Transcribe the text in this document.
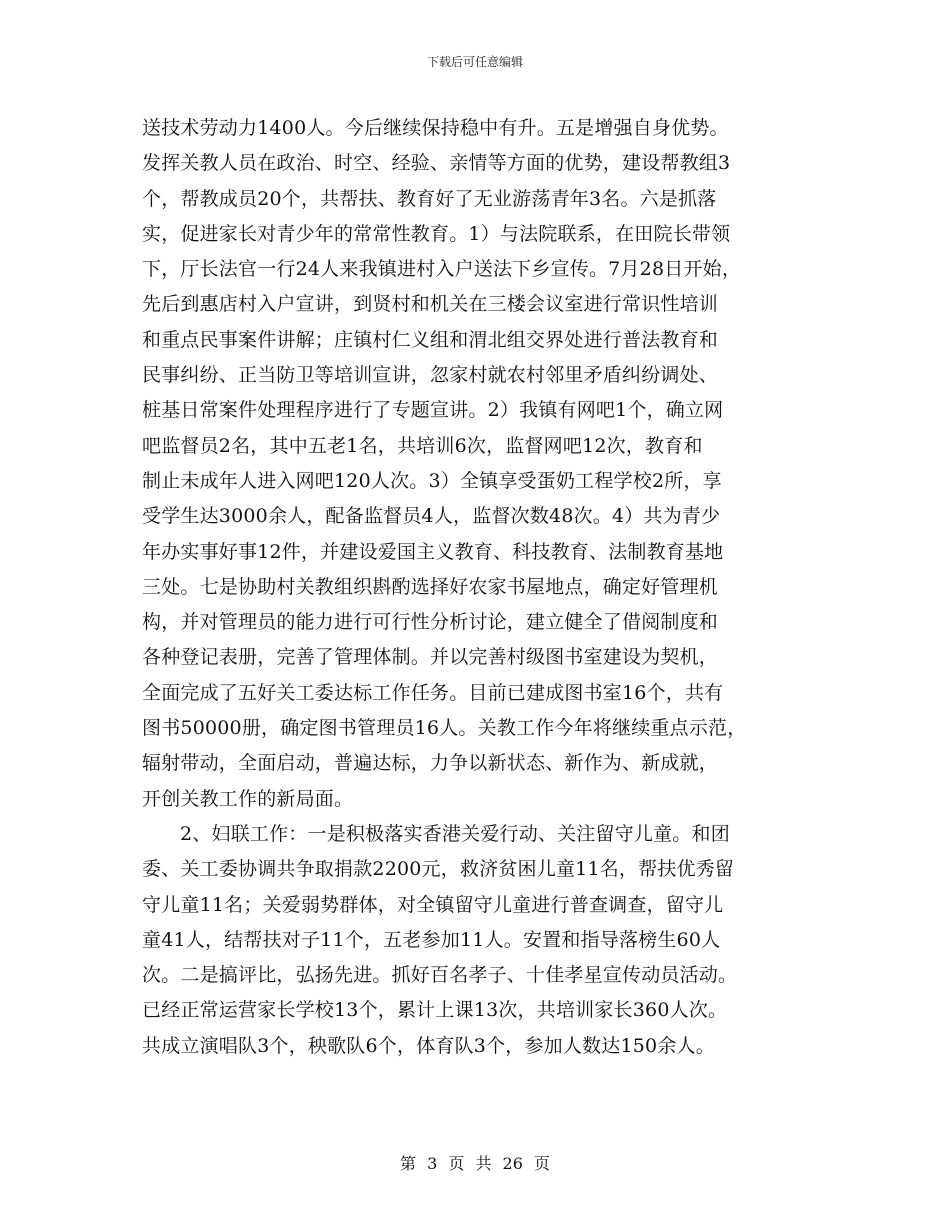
下载后可任意编辑
送技术劳动力1400人。今后继续保持稳中有升。五是增强自身优势。
发挥关教人员在政治、时空、经验、亲情等方面的优势，建设帮教组3
个，帮教成员20个，共帮扶、教育好了无业游荡青年3名。六是抓落
实，促进家长对青少年的常常性教育。1）与法院联系，在田院长带领
下，厅长法官一行24人来我镇进村入户送法下乡宣传。7月28日开始，
先后到惠店村入户宣讲，到贤村和机关在三楼会议室进行常识性培训
和重点民事案件讲解；庄镇村仁义组和渭北组交界处进行普法教育和
民事纠纷、正当防卫等培训宣讲，忽家村就农村邻里矛盾纠纷调处、
桩基日常案件处理程序进行了专题宣讲。2）我镇有网吧1个，确立网
吧监督员2名，其中五老1名，共培训6次，监督网吧12次，教育和
制止未成年人进入网吧120人次。3）全镇享受蛋奶工程学校2所，享
受学生达3000余人，配备监督员4人，监督次数48次。4）共为青少
年办实事好事12件，并建设爱国主义教育、科技教育、法制教育基地
三处。七是协助村关教组织斟酌选择好农家书屋地点，确定好管理机
构，并对管理员的能力进行可行性分析讨论，建立健全了借阅制度和
各种登记表册，完善了管理体制。并以完善村级图书室建设为契机，
全面完成了五好关工委达标工作任务。目前已建成图书室16个，共有
图书50000册，确定图书管理员16人。关教工作今年将继续重点示范，
辐射带动，全面启动，普遍达标，力争以新状态、新作为、新成就，
开创关教工作的新局面。
2、妇联工作：一是积极落实香港关爱行动、关注留守儿童。和团
委、关工委协调共争取捐款2200元，救济贫困儿童11名，帮扶优秀留
守儿童11名；关爱弱势群体，对全镇留守儿童进行普查调查，留守儿
童41人，结帮扶对子11个，五老参加11人。安置和指导落榜生60人
次。二是搞评比，弘扬先进。抓好百名孝子、十佳孝星宣传动员活动。
已经正常运营家长学校13个，累计上课13次，共培训家长360人次。
共成立演唱队3个，秧歌队6个，体育队3个，参加人数达150余人。
第 3 页 共 26 页
